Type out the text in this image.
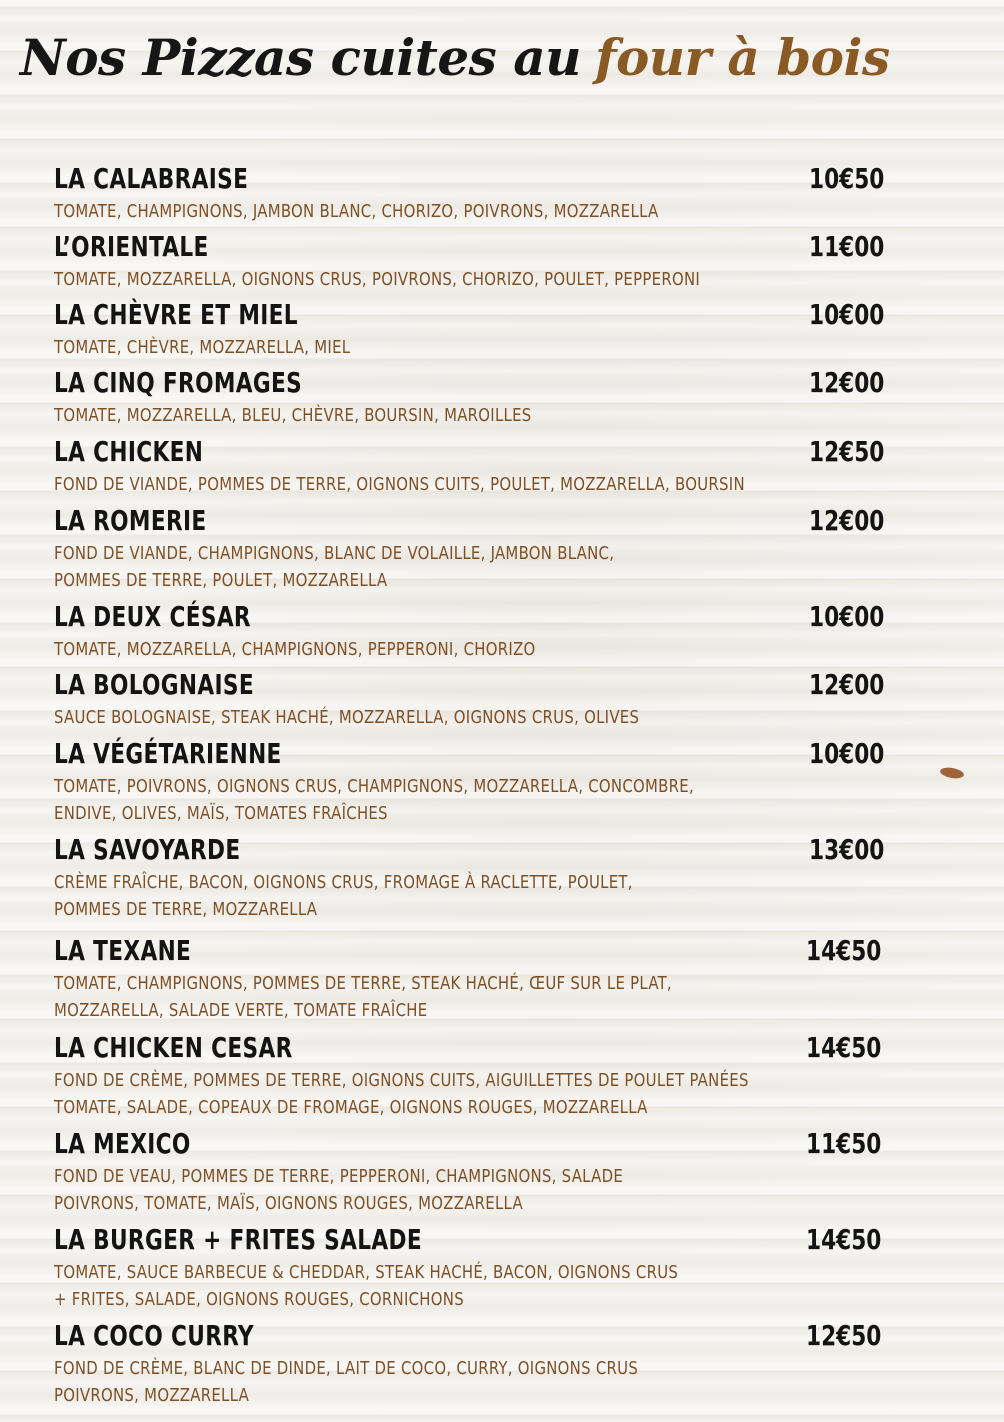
Nos Pizzas cuites au four à bois
LA CALABRAISE	10€50
TOMATE, CHAMPIGNONS, JAMBON BLANC, CHORIZO, POIVRONS, MOZZARELLA
L’ORIENTALE	11€00
TOMATE, MOZZARELLA, OIGNONS CRUS, POIVRONS, CHORIZO, POULET, PEPPERONI
LA CHÈVRE ET MIEL	10€00
TOMATE, CHÈVRE, MOZZARELLA, MIEL
LA CINQ FROMAGES	12€00
TOMATE, MOZZARELLA, BLEU, CHÈVRE, BOURSIN, MAROILLES
LA CHICKEN	12€50
FOND DE VIANDE, POMMES DE TERRE, OIGNONS CUITS, POULET, MOZZARELLA, BOURSIN
LA ROMERIE	12€00
FOND DE VIANDE, CHAMPIGNONS, BLANC DE VOLAILLE, JAMBON BLANC,
POMMES DE TERRE, POULET, MOZZARELLA
LA DEUX CÉSAR	10€00
TOMATE, MOZZARELLA, CHAMPIGNONS, PEPPERONI, CHORIZO
LA BOLOGNAISE	12€00
SAUCE BOLOGNAISE, STEAK HACHÉ, MOZZARELLA, OIGNONS CRUS, OLIVES
LA VÉGÉTARIENNE	10€00
TOMATE, POIVRONS, OIGNONS CRUS, CHAMPIGNONS, MOZZARELLA, CONCOMBRE,
ENDIVE, OLIVES, MAÏS, TOMATES FRAÎCHES
LA SAVOYARDE	13€00
CRÈME FRAÎCHE, BACON, OIGNONS CRUS, FROMAGE À RACLETTE, POULET,
POMMES DE TERRE, MOZZARELLA
LA TEXANE	14€50
TOMATE, CHAMPIGNONS, POMMES DE TERRE, STEAK HACHÉ, ŒUF SUR LE PLAT,
MOZZARELLA, SALADE VERTE, TOMATE FRAÎCHE
LA CHICKEN CESAR	14€50
FOND DE CRÈME, POMMES DE TERRE, OIGNONS CUITS, AIGUILLETTES DE POULET PANÉES
TOMATE, SALADE, COPEAUX DE FROMAGE, OIGNONS ROUGES, MOZZARELLA
LA MEXICO	11€50
FOND DE VEAU, POMMES DE TERRE, PEPPERONI, CHAMPIGNONS, SALADE
POIVRONS, TOMATE, MAÏS, OIGNONS ROUGES, MOZZARELLA
LA BURGER + FRITES SALADE	14€50
TOMATE, SAUCE BARBECUE & CHEDDAR, STEAK HACHÉ, BACON, OIGNONS CRUS
+ FRITES, SALADE, OIGNONS ROUGES, CORNICHONS
LA COCO CURRY	12€50
FOND DE CRÈME, BLANC DE DINDE, LAIT DE COCO, CURRY, OIGNONS CRUS
POIVRONS, MOZZARELLA
